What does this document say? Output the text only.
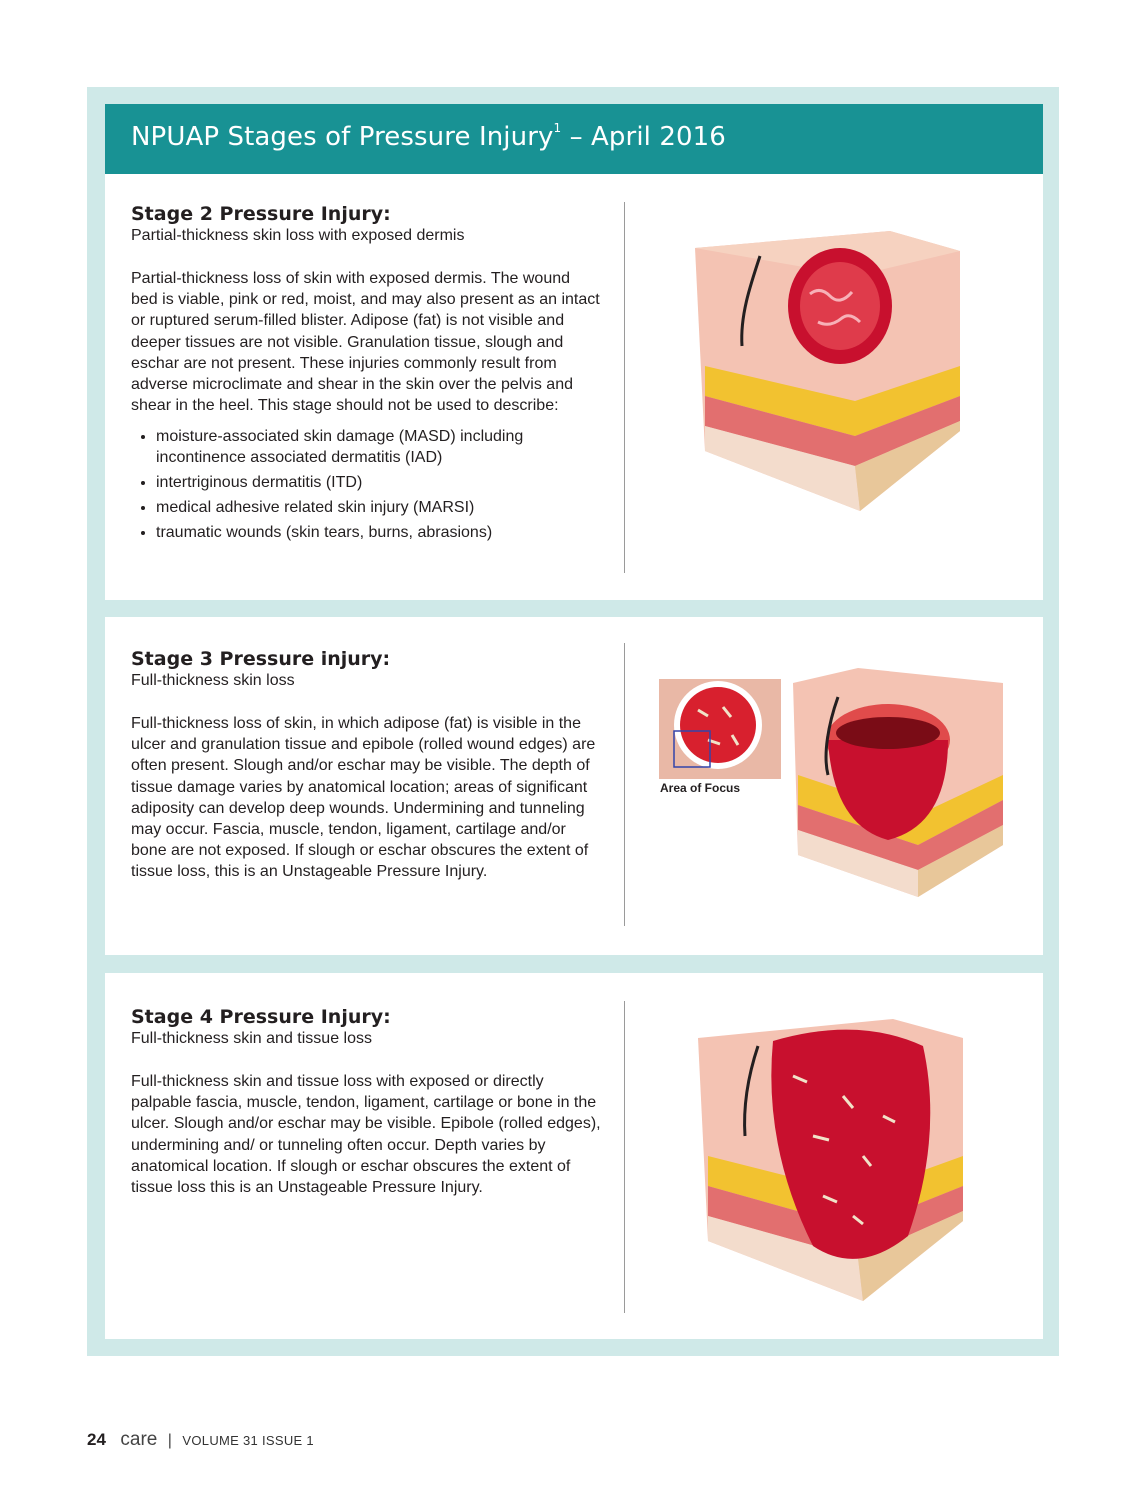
NPUAP Stages of Pressure Injury$^1$ – April 2016

Stage 2 Pressure Injury:

Partial-thickness skin loss with exposed dermis

Partial-thickness loss of skin with exposed dermis. The wound bed is viable, pink or red, moist, and may also present as an intact or ruptured serum-filled blister. Adipose (fat) is not visible and deeper tissues are not visible. Granulation tissue, slough and eschar are not present. These injuries commonly result from adverse microclimate and shear in the skin over the pelvis and shear in the heel. This stage should not be used to describe:

• moisture-associated skin damage (MASD) including incontinence associated dermatitis (IAD)
• intertriginous dermatitis (ITD)
• medical adhesive related skin injury (MARSI)
• traumatic wounds (skin tears, burns, abrasions)

Stage 3 Pressure injury:

Full-thickness skin loss

Full-thickness loss of skin, in which adipose (fat) is visible in the ulcer and granulation tissue and epibole (rolled wound edges) are often present. Slough and/or eschar may be visible. The depth of tissue damage varies by anatomical location; areas of significant adiposity can develop deep wounds. Undermining and tunneling may occur. Fascia, muscle, tendon, ligament, cartilage and/or bone are not exposed. If slough or eschar obscures the extent of tissue loss, this is an Unstageable Pressure Injury.

Area of Focus

Stage 4 Pressure Injury:

Full-thickness skin and tissue loss

Full-thickness skin and tissue loss with exposed or directly palpable fascia, muscle, tendon, ligament, cartilage or bone in the ulcer. Slough and/or eschar may be visible. Epibole (rolled edges), undermining and/ or tunneling often occur. Depth varies by anatomical location. If slough or eschar obscures the extent of tissue loss this is an Unstageable Pressure Injury.

24 care | VOLUME 31 ISSUE 1
